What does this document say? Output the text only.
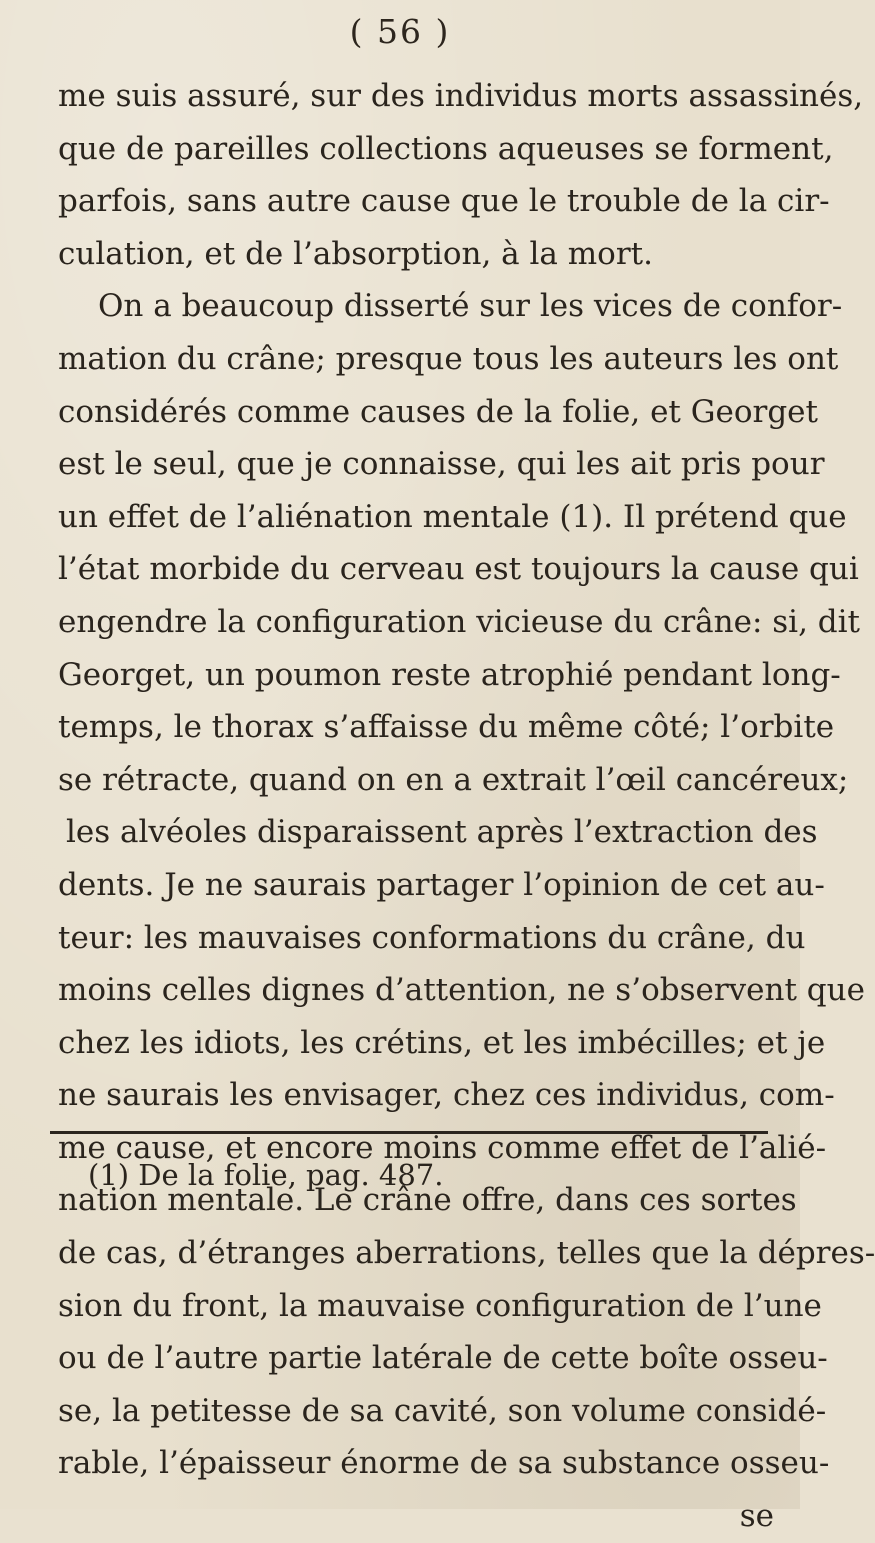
( 56 )
me suis assuré, sur des individus morts assassinés,
que de pareilles collections aqueuses se forment,
parfois, sans autre cause que le trouble de la cir-
culation, et de l’absorption, à la mort.
On a beaucoup disserté sur les vices de confor-
mation du crâne; presque tous les auteurs les ont
considérés comme causes de la folie, et Georget
est le seul, que je connaisse, qui les ait pris pour
un effet de l’aliénation mentale (1). Il prétend que
l’état morbide du cerveau est toujours la cause qui
engendre la configuration vicieuse du crâne: si, dit
Georget, un poumon reste atrophié pendant long-
temps, le thorax s’affaisse du même côté; l’orbite
se rétracte, quand on en a extrait l’œil cancéreux;
les alvéoles disparaissent après l’extraction des
dents. Je ne saurais partager l’opinion de cet au-
teur: les mauvaises conformations du crâne, du
moins celles dignes d’attention, ne s’observent que
chez les idiots, les crétins, et les imbécilles; et je
ne saurais les envisager, chez ces individus, com-
me cause, et encore moins comme effet de l’alié-
nation mentale. Le crâne offre, dans ces sortes
de cas, d’étranges aberrations, telles que la dépres-
sion du front, la mauvaise configuration de l’une
ou de l’autre partie latérale de cette boîte osseu-
se, la petitesse de sa cavité, son volume considé-
rable, l’épaisseur énorme de sa substance osseu-
se
(1) De la folie, pag. 487.
